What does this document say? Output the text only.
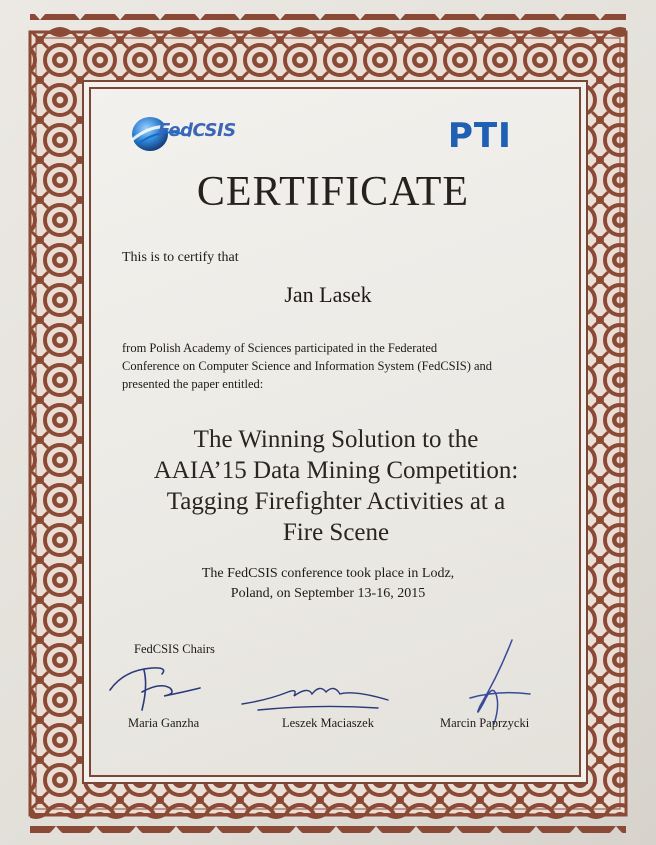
FedCSIS	PTI
CERTIFICATE
This is to certify that
Jan Lasek
from Polish Academy of Sciences participated in the Federated
Conference on Computer Science and Information System (FedCSIS) and
presented the paper entitled:
The Winning Solution to the
AAIA’15 Data Mining Competition:
Tagging Firefighter Activities at a
Fire Scene
The FedCSIS conference took place in Lodz,
Poland, on September 13-16, 2015
FedCSIS Chairs
Maria Ganzha	Leszek Maciaszek	Marcin Paprzycki
